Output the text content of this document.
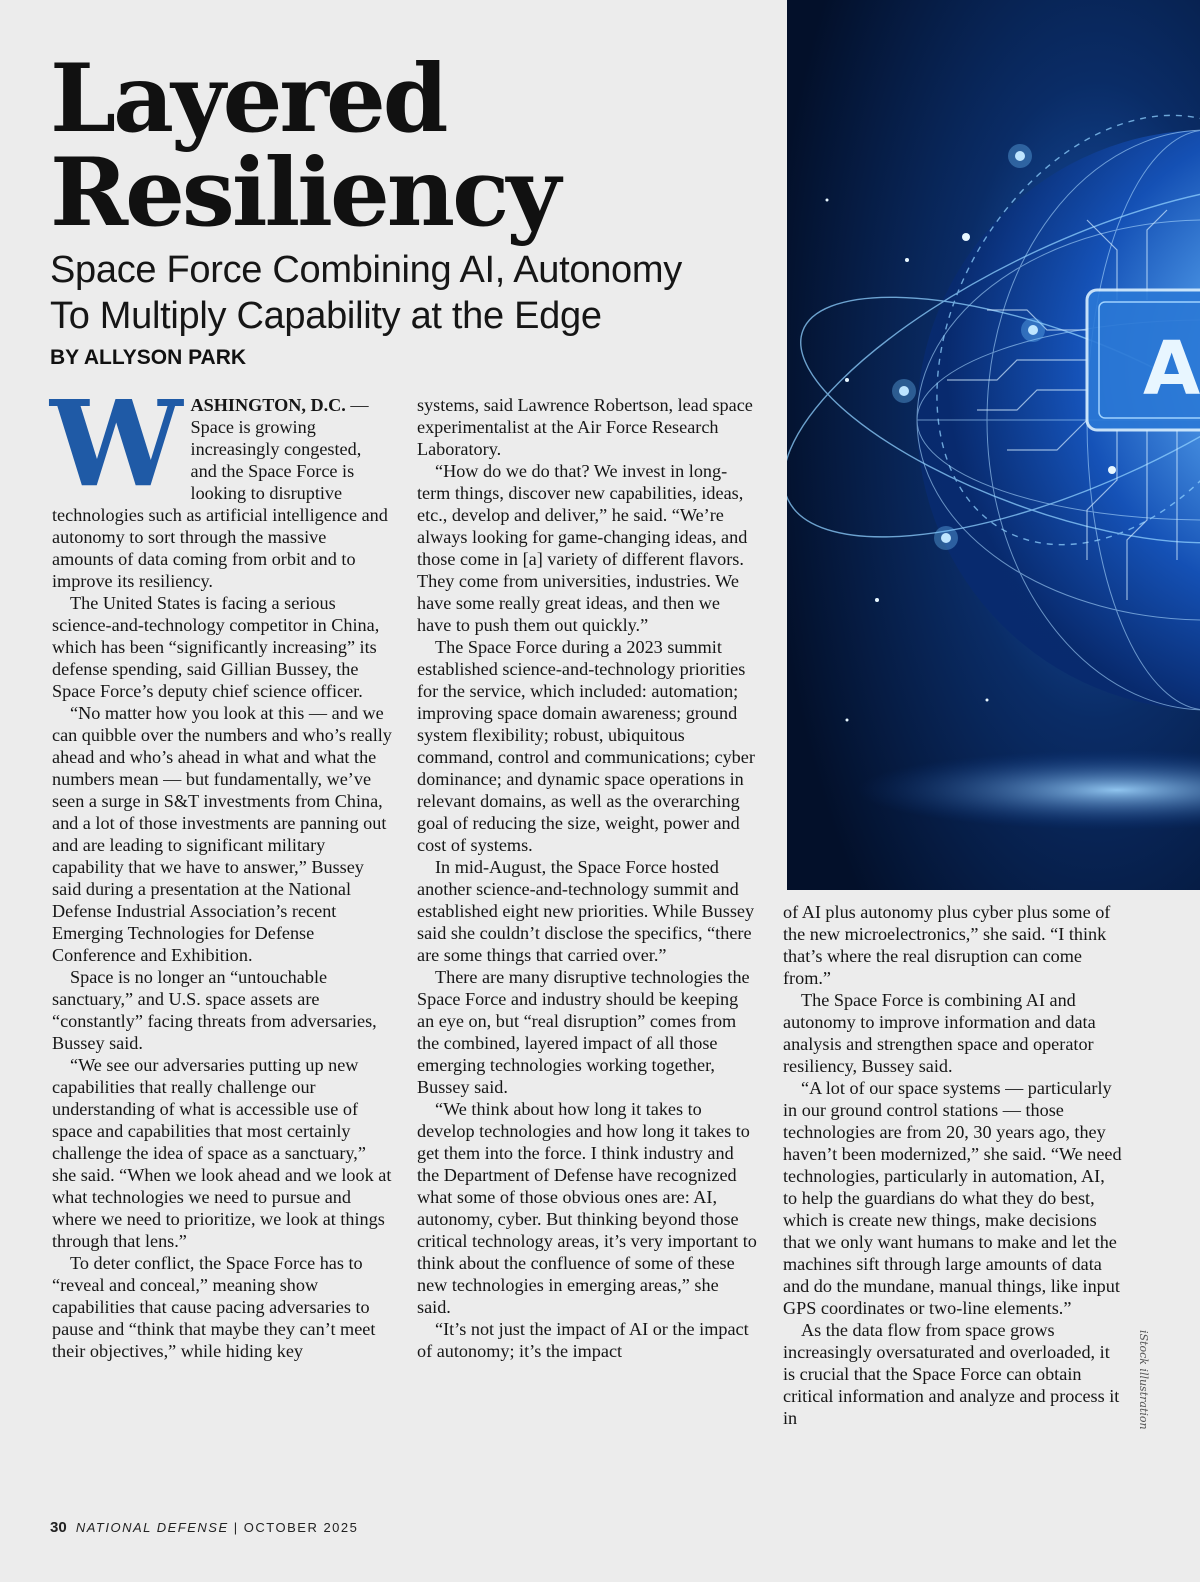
Layered
Resiliency
Space Force Combining AI, Autonomy
To Multiply Capability at the Edge

BY ALLYSON PARK	A

iStock illustration

WASHINGTON, D.C. — Space is growing increasingly congested, and the Space Force is looking to disruptive technologies such as artificial intelligence and autonomy to sort through the massive amounts of data coming from orbit and to improve its resiliency.

The United States is facing a serious science-and-technology competitor in China, which has been “significantly increasing” its defense spending, said Gillian Bussey, the Space Force’s deputy chief science officer.

“No matter how you look at this — and we can quibble over the numbers and who’s really ahead and who’s ahead in what and what the numbers mean — but fundamentally, we’ve seen a surge in S&T investments from China, and a lot of those investments are panning out and are leading to significant military capability that we have to answer,” Bussey said during a presentation at the National Defense Industrial Association’s recent Emerging Technologies for Defense Conference and Exhibition.

Space is no longer an “untouchable sanctuary,” and U.S. space assets are “constantly” facing threats from adversaries, Bussey said.

“We see our adversaries putting up new capabilities that really challenge our understanding of what is accessible use of space and capabilities that most certainly challenge the idea of space as a sanctuary,” she said. “When we look ahead and we look at what technologies we need to pursue and where we need to prioritize, we look at things through that lens.”

To deter conflict, the Space Force has to “reveal and conceal,” meaning show capabilities that cause pacing adversaries to pause and “think that maybe they can’t meet their objectives,” while hiding key

systems, said Lawrence Robertson, lead space experimentalist at the Air Force Research Laboratory.

“How do we do that? We invest in long-term things, discover new capabilities, ideas, etc., develop and deliver,” he said. “We’re always looking for game-changing ideas, and those come in [a] variety of different flavors. They come from universities, industries. We have some really great ideas, and then we have to push them out quickly.”

The Space Force during a 2023 summit established science-and-technology priorities for the service, which included: automation; improving space domain awareness; ground system flexibility; robust, ubiquitous command, control and communications; cyber dominance; and dynamic space operations in relevant domains, as well as the overarching goal of reducing the size, weight, power and cost of systems.

In mid-August, the Space Force hosted another science-and-technology summit and established eight new priorities. While Bussey said she couldn’t disclose the specifics, “there are some things that carried over.”

There are many disruptive technologies the Space Force and industry should be keeping an eye on, but “real disruption” comes from the combined, layered impact of all those emerging technologies working together, Bussey said.

“We think about how long it takes to develop technologies and how long it takes to get them into the force. I think industry and the Department of Defense have recognized what some of those obvious ones are: AI, autonomy, cyber. But thinking beyond those critical technology areas, it’s very important to think about the confluence of some of these new technologies in emerging areas,” she said.

“It’s not just the impact of AI or the impact of autonomy; it’s the impact

of AI plus autonomy plus cyber plus some of the new microelectronics,” she said. “I think that’s where the real disruption can come from.”

The Space Force is combining AI and autonomy to improve information and data analysis and strengthen space and operator resiliency, Bussey said.

“A lot of our space systems — particularly in our ground control stations — those technologies are from 20, 30 years ago, they haven’t been modernized,” she said. “We need technologies, particularly in automation, AI, to help the guardians do what they do best, which is create new things, make decisions that we only want humans to make and let the machines sift through large amounts of data and do the mundane, manual things, like input GPS coordinates or two-line elements.”

As the data flow from space grows increasingly oversaturated and overloaded, it is crucial that the Space Force can obtain critical information and analyze and process it in

30 NATIONAL DEFENSE | OCTOBER 2025
